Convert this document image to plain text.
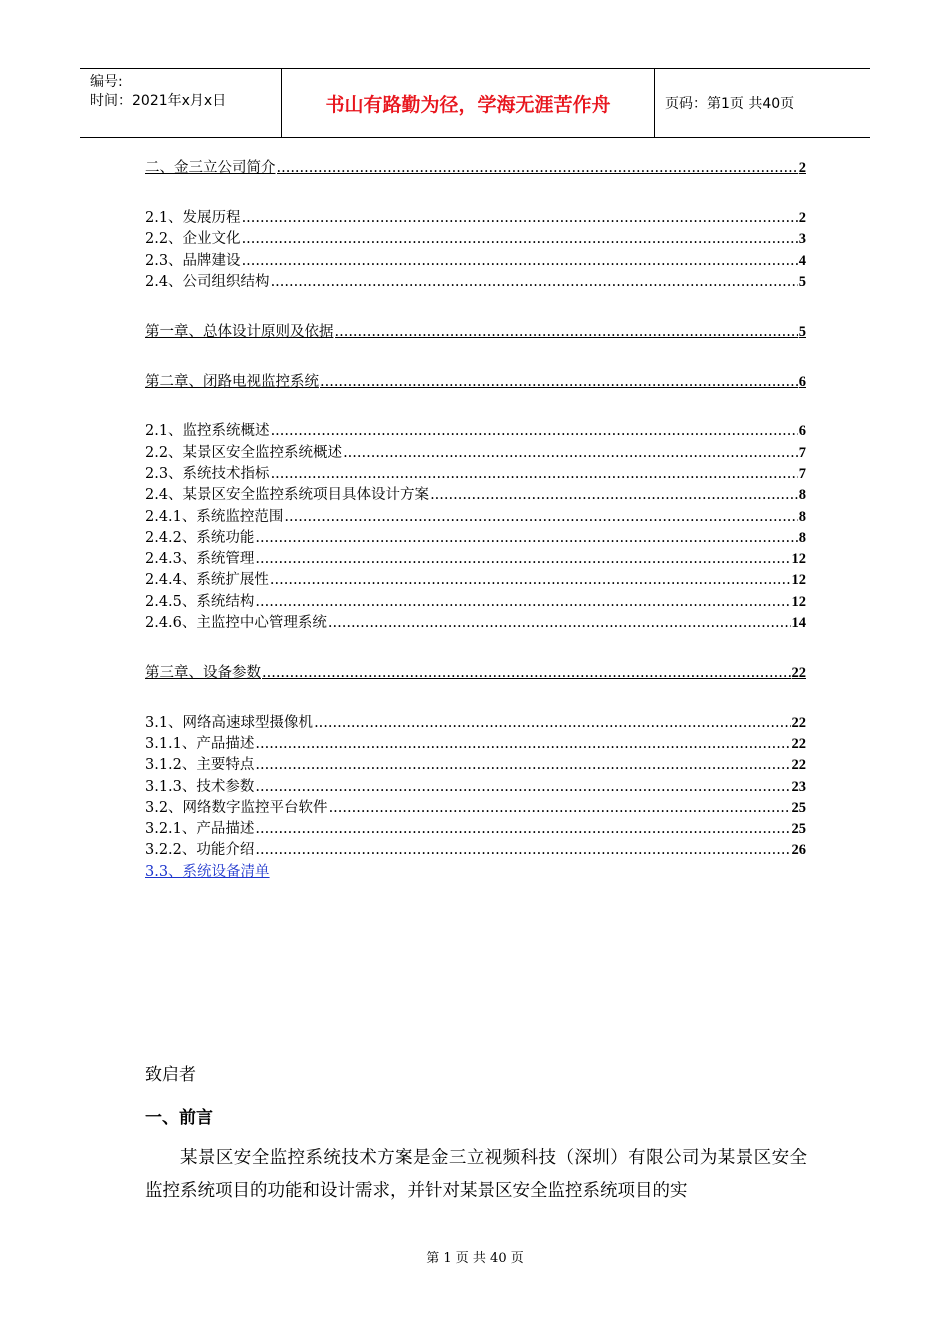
编号:
时间：2021年x月x日	书山有路勤为径，学海无涯苦作舟	页码：第1页 共40页
二、金三立公司简介 .....	2
2.1、发展历程 .....	2
2.2、企业文化 .....	3
2.3、品牌建设 .....	4
2.4、公司组织结构 .....	5
第一章、总体设计原则及依据 .....	5
第二章、闭路电视监控系统 .....	6
2.1、监控系统概述 .....	6
2.2、某景区安全监控系统概述 .....	7
2.3、系统技术指标 .....	7
2.4、某景区安全监控系统项目具体设计方案 .....	8
2.4.1、系统监控范围 .....	8
2.4.2、系统功能 .....	8
2.4.3、系统管理 .....	12
2.4.4、系统扩展性 .....	12
2.4.5、系统结构 .....	12
2.4.6、主监控中心管理系统 .....	14
第三章、设备参数 .....	22
3.1、网络高速球型摄像机 .....	22
3.1.1、产品描述 .....	22
3.1.2、主要特点 .....	22
3.1.3、技术参数 .....	23
3.2、网络数字监控平台软件 .....	25
3.2.1、产品描述 .....	25
3.2.2、功能介绍 .....	26
3.3、系统设备清单
致启者
一、前言
某景区安全监控系统技术方案是金三立视频科技（深圳）有限公司为某景区安全监控系统项目的功能和设计需求，并针对某景区安全监控系统项目的实
第 1 页 共 40 页
